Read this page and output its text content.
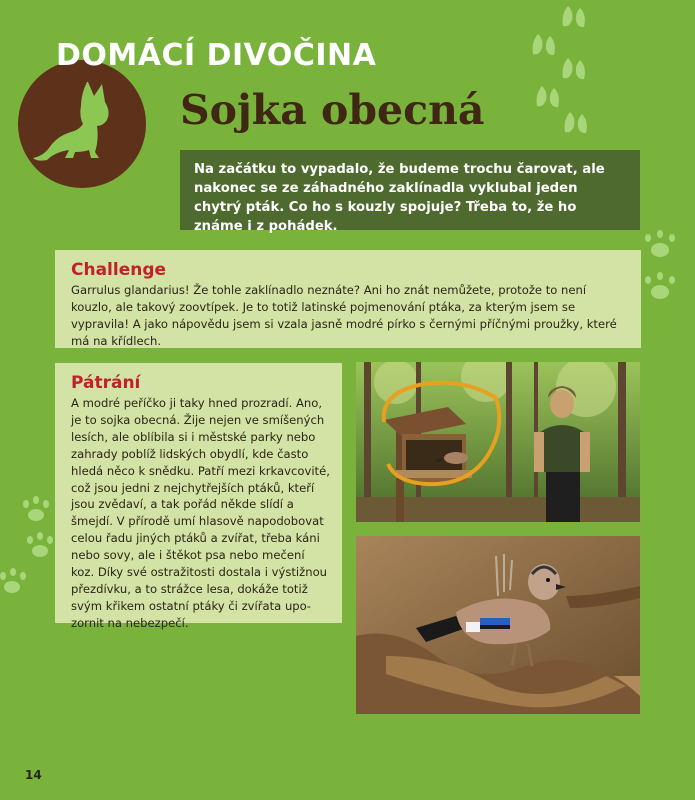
DOMÁCÍ DIVOČINA
Sojka obecná

Na začátku to vypadalo, že budeme trochu čarovat, ale nakonec se ze záhadného zaklínadla vyklubal jeden chytrý pták. Co ho s kouzly spojuje? Třeba to, že ho známe i z pohádek.

Challenge

Garrulus glandarius! Že tohle zaklínadlo neznáte? Ani ho znát nemůžete, protože to není kouzlo, ale takový zoovtípek. Je to totiž latinské pojmenování ptáka, za kterým jsem se vypravila! A jako nápovědu jsem si vzala jasně modré pírko s černými příčnými proužky, které má na křídlech.

Pátrání

A modré peříčko ji taky hned prozradí. Ano, je to sojka obecná. Žije nejen ve smíšených lesích, ale oblíbila si i městské parky nebo zahrady poblíž lidských obydlí, kde často hledá něco k snědku. Patří mezi krkavcovité, což jsou jedni z nejchytřejších ptáků, kteří jsou zvědaví, a tak pořád někde slídí a šmejdí. V přírodě umí hlasově napodobovat celou řadu jiných ptáků a zvířat, třeba káni nebo sovy, ale i štěkot psa nebo mečení koz. Díky své ostražitosti dostala i výstižnou přezdívku, a to strážce lesa, dokáže totiž svým křikem ostatní ptáky či zvířata upozornit na nebezpečí.

14
